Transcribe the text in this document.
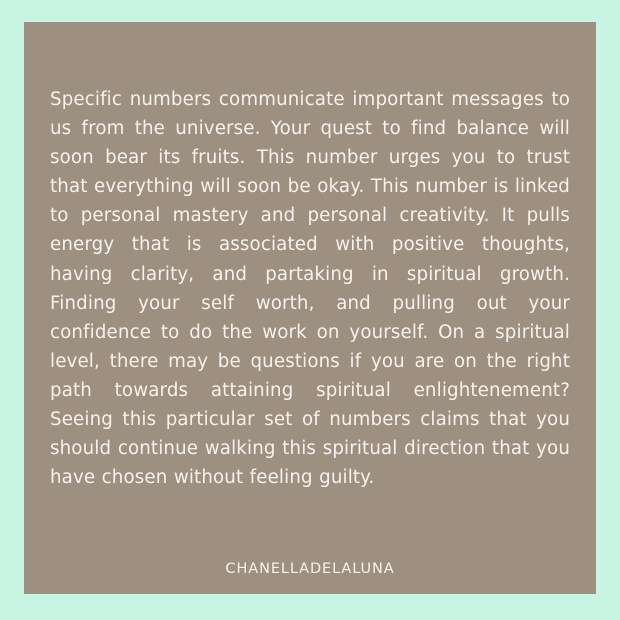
Specific numbers communicate important messages to us from the universe. Your quest to find balance will soon bear its fruits. This number urges you to trust that everything will soon be okay. This number is linked to personal mastery and personal creativity. It pulls energy that is associated with positive thoughts, having clarity, and partaking in spiritual growth. Finding your self worth, and pulling out your confidence to do the work on yourself. On a spiritual level, there may be questions if you are on the right path towards attaining spiritual enlightenement? Seeing this particular set of numbers claims that you should continue walking this spiritual direction that you have chosen without feeling guilty.

CHANELLADELALUNA
